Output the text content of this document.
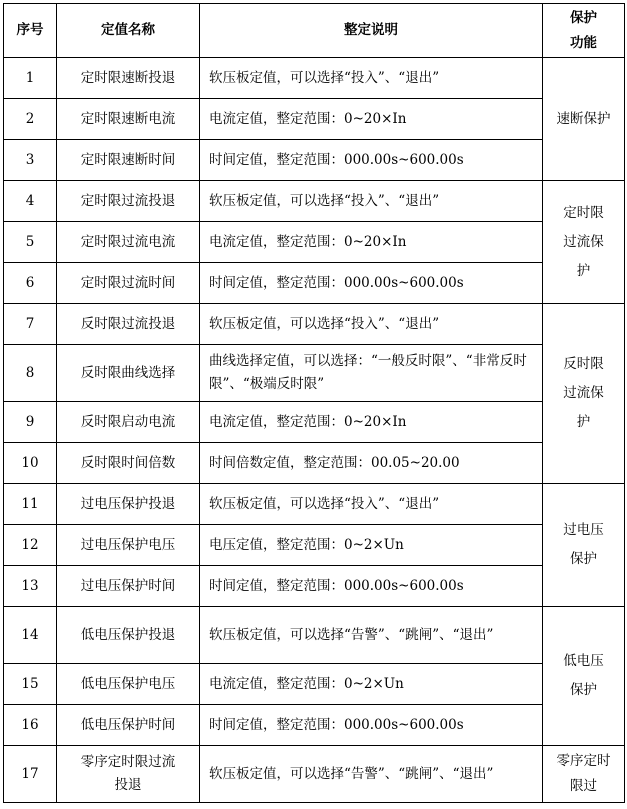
序号	定值名称	整定说明	保护
功能
1	定时限速断投退	软压板定值，可以选择“投入”、“退出”	速断保护

2	定时限速断电流	电流定值，整定范围：0~20×In	
3	定时限速断时间	时间定值，整定范围：000.00s~600.00s	
4	定时限过流投退	软压板定值，可以选择“投入”、“退出”	定时限过流保护

5	定时限过流电流	电流定值，整定范围：0~20×In	
6	定时限过流时间	时间定值，整定范围：000.00s~600.00s	
7	反时限过流投退	软压板定值，可以选择“投入”、“退出”	反时限过流保护

8	反时限曲线选择	曲线选择定值，可以选择：“一般反时限”、“非常反时限”、“极端反时限”	
9	反时限启动电流	电流定值，整定范围：0~20×In	
10	反时限时间倍数	时间倍数定值，整定范围：00.05~20.00	
11	过电压保护投退	软压板定值，可以选择“投入”、“退出”	过电压保护

12	过电压保护电压	电压定值，整定范围：0~2×Un	
13	过电压保护时间	时间定值，整定范围：000.00s~600.00s	
14	低电压保护投退	软压板定值，可以选择“告警”、“跳闸”、“退出”	低电压保护

15	低电压保护电压	电流定值，整定范围：0~2×Un	
16	低电压保护时间	时间定值，整定范围：000.00s~600.00s	
17	零序定时限过流投退	软压板定值，可以选择“告警”、“跳闸”、“退出”	零序定时限过
